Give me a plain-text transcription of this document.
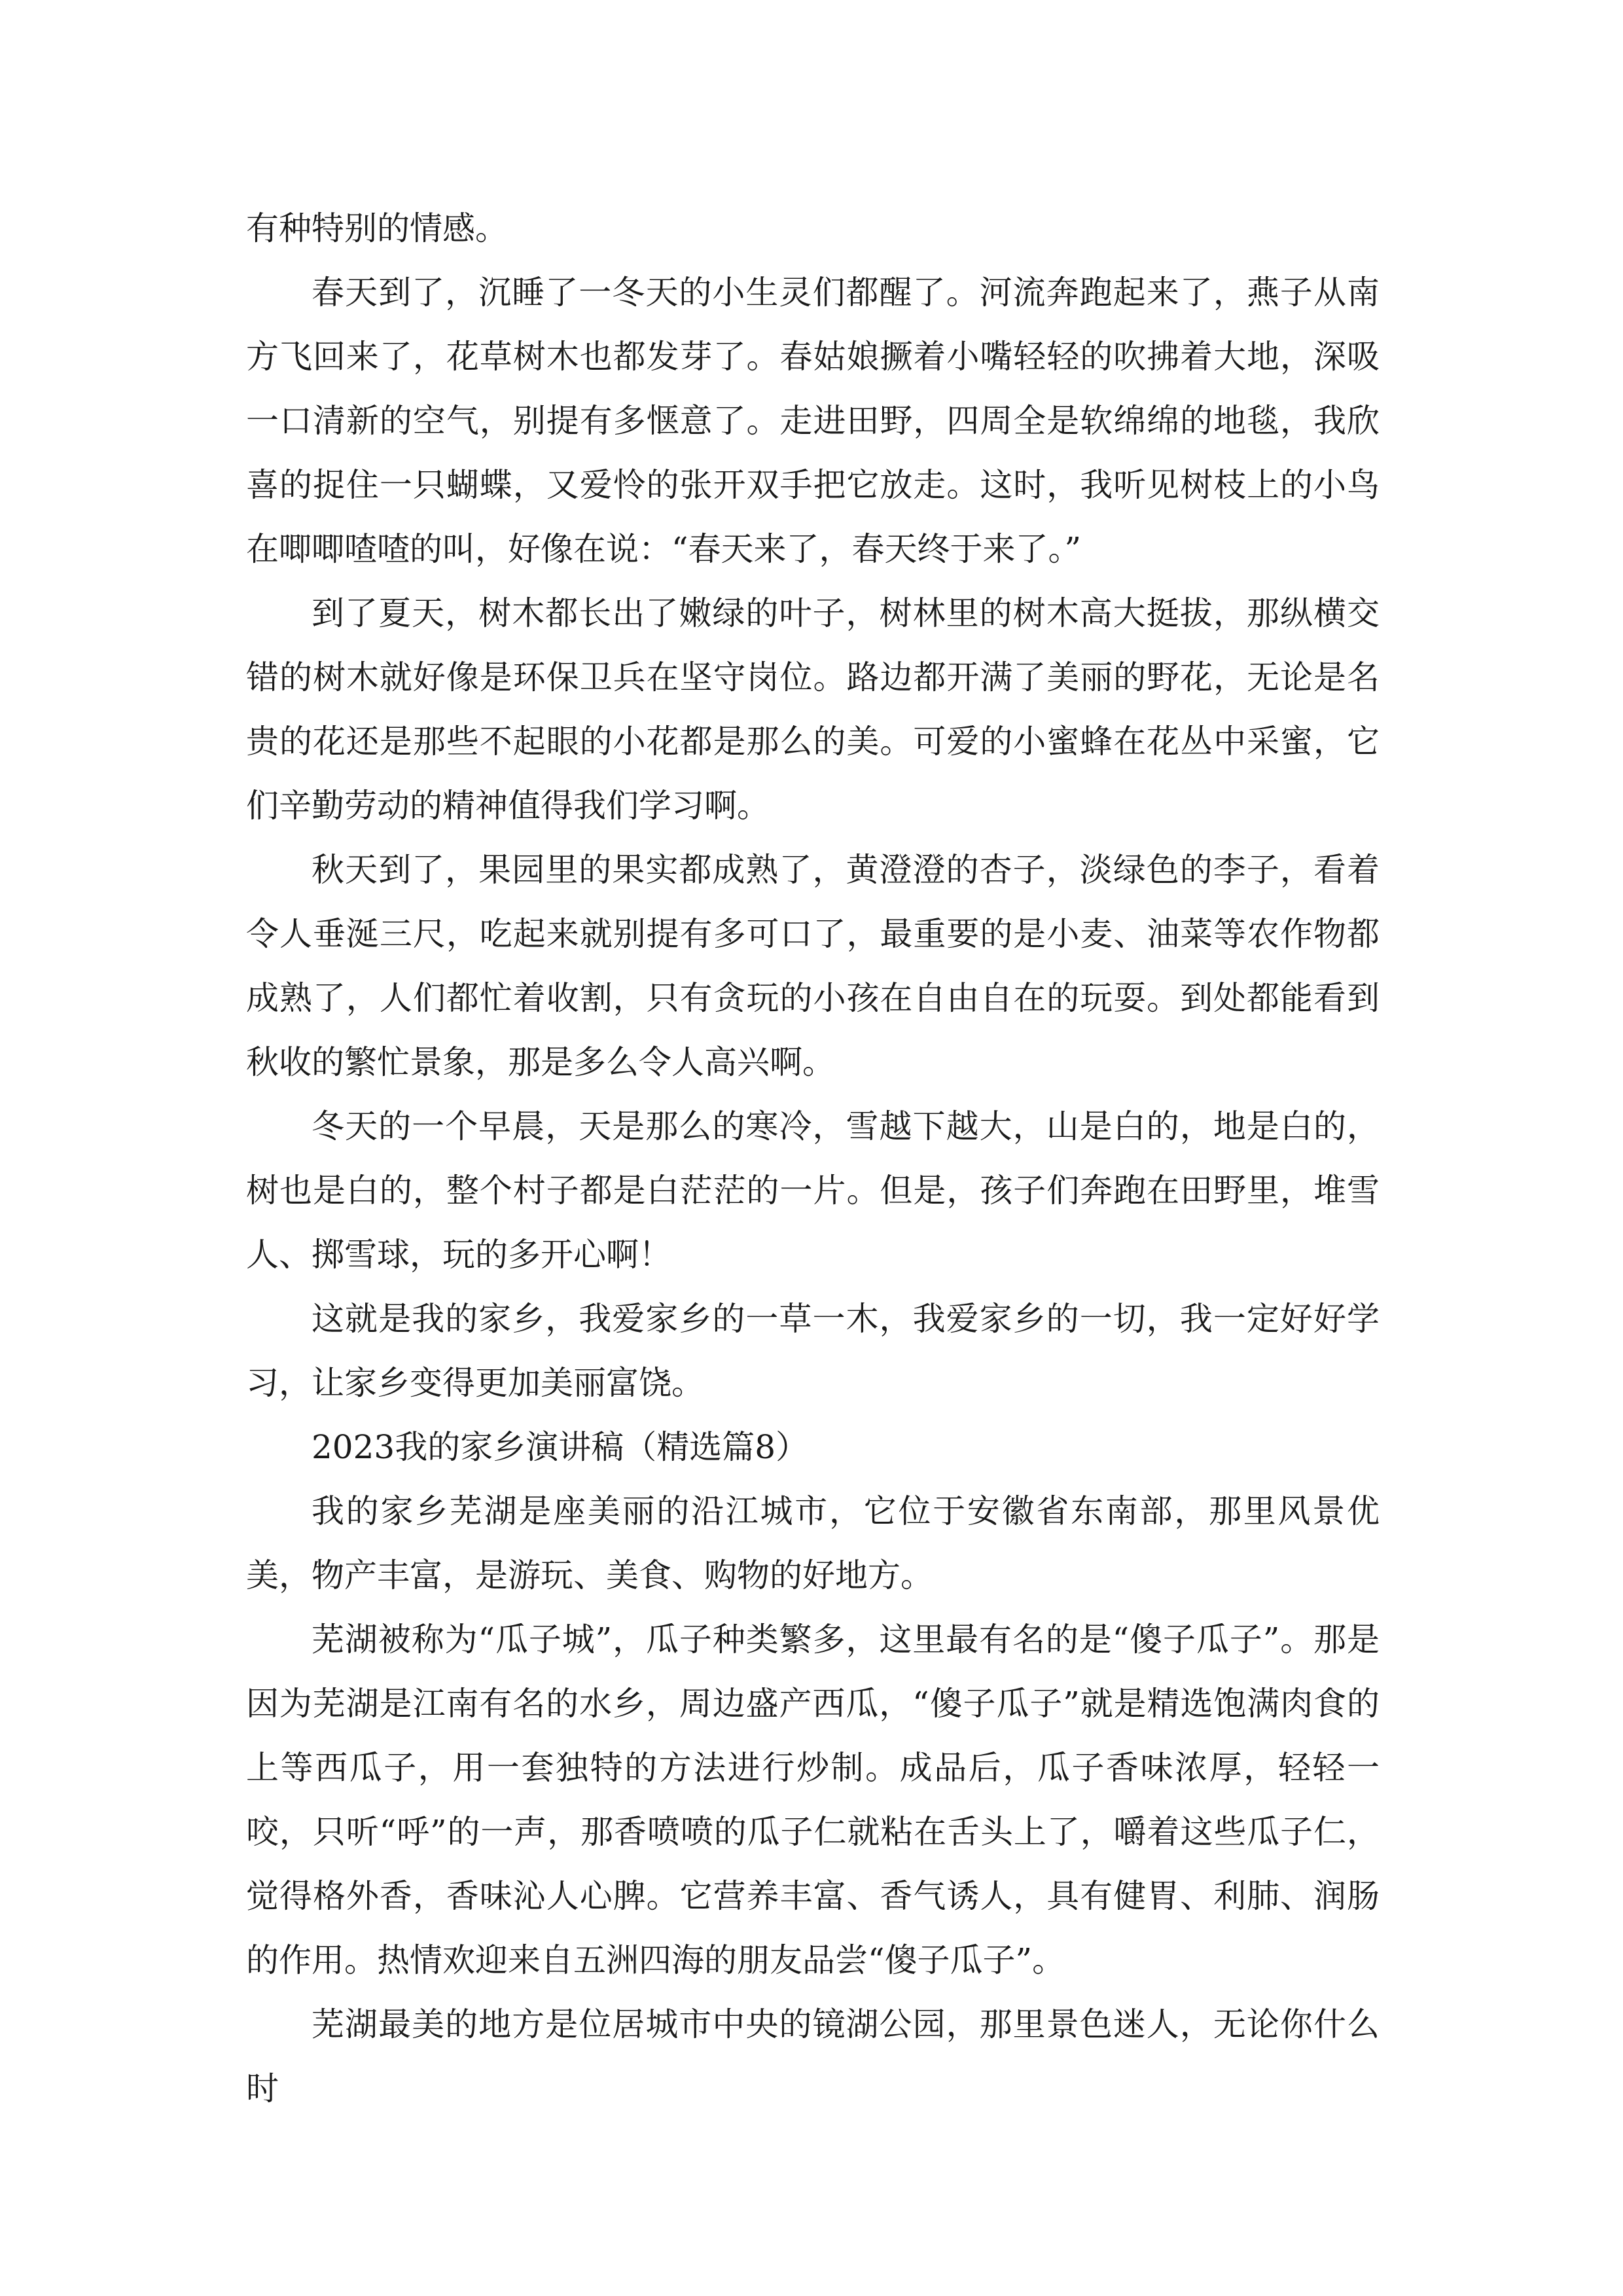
有种特别的情感。

春天到了，沉睡了一冬天的小生灵们都醒了。河流奔跑起来了，燕子从南方飞回来了，花草树木也都发芽了。春姑娘撅着小嘴轻轻的吹拂着大地，深吸一口清新的空气，别提有多惬意了。走进田野，四周全是软绵绵的地毯，我欣喜的捉住一只蝴蝶，又爱怜的张开双手把它放走。这时，我听见树枝上的小鸟在唧唧喳喳的叫，好像在说：“春天来了，春天终于来了。”

到了夏天，树木都长出了嫩绿的叶子，树林里的树木高大挺拔，那纵横交错的树木就好像是环保卫兵在坚守岗位。路边都开满了美丽的野花，无论是名贵的花还是那些不起眼的小花都是那么的美。可爱的小蜜蜂在花丛中采蜜，它们辛勤劳动的精神值得我们学习啊。

秋天到了，果园里的果实都成熟了，黄澄澄的杏子，淡绿色的李子，看着令人垂涎三尺，吃起来就别提有多可口了，最重要的是小麦、油菜等农作物都成熟了，人们都忙着收割，只有贪玩的小孩在自由自在的玩耍。到处都能看到秋收的繁忙景象，那是多么令人高兴啊。

冬天的一个早晨，天是那么的寒冷，雪越下越大，山是白的，地是白的，树也是白的，整个村子都是白茫茫的一片。但是，孩子们奔跑在田野里，堆雪人、掷雪球，玩的多开心啊！

这就是我的家乡，我爱家乡的一草一木，我爱家乡的一切，我一定好好学习，让家乡变得更加美丽富饶。

2023我的家乡演讲稿（精选篇8）

我的家乡芜湖是座美丽的沿江城市，它位于安徽省东南部，那里风景优美，物产丰富，是游玩、美食、购物的好地方。

芜湖被称为“瓜子城”，瓜子种类繁多，这里最有名的是“傻子瓜子”。那是因为芜湖是江南有名的水乡，周边盛产西瓜，“傻子瓜子”就是精选饱满肉食的上等西瓜子，用一套独特的方法进行炒制。成品后，瓜子香味浓厚，轻轻一咬，只听“呼”的一声，那香喷喷的瓜子仁就粘在舌头上了，嚼着这些瓜子仁，觉得格外香，香味沁人心脾。它营养丰富、香气诱人，具有健胃、利肺、润肠的作用。热情欢迎来自五洲四海的朋友品尝“傻子瓜子”。

芜湖最美的地方是位居城市中央的镜湖公园，那里景色迷人，无论你什么时
